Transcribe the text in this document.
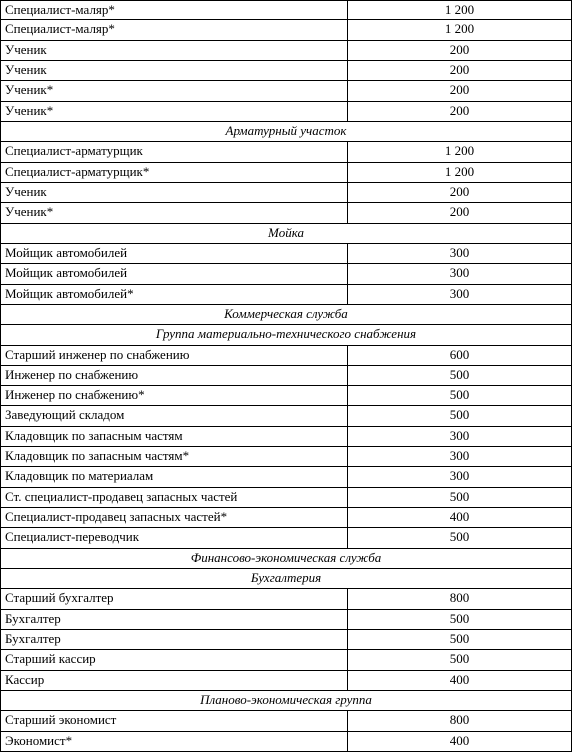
Специалист-маляр*	1 200
Специалист-маляр*	1 200
Ученик	200
Ученик	200
Ученик*	200
Ученик*	200
Арматурный участок
Специалист-арматурщик	1 200
Специалист-арматурщик*	1 200
Ученик	200
Ученик*	200
Мойка
Мойщик автомобилей	300
Мойщик автомобилей	300
Мойщик автомобилей*	300
Коммерческая служба
Группа материально-технического снабжения
Старший инженер по снабжению	600
Инженер по снабжению	500
Инженер по снабжению*	500
Заведующий складом	500
Кладовщик по запасным частям	300
Кладовщик по запасным частям*	300
Кладовщик по материалам	300
Ст. специалист-продавец запасных частей	500
Специалист-продавец запасных частей*	400
Специалист-переводчик	500
Финансово-экономическая служба
Бухгалтерия
Старший бухгалтер	800
Бухгалтер	500
Бухгалтер	500
Старший кассир	500
Кассир	400
Планово-экономическая группа
Старший экономист	800
Экономист*	400
